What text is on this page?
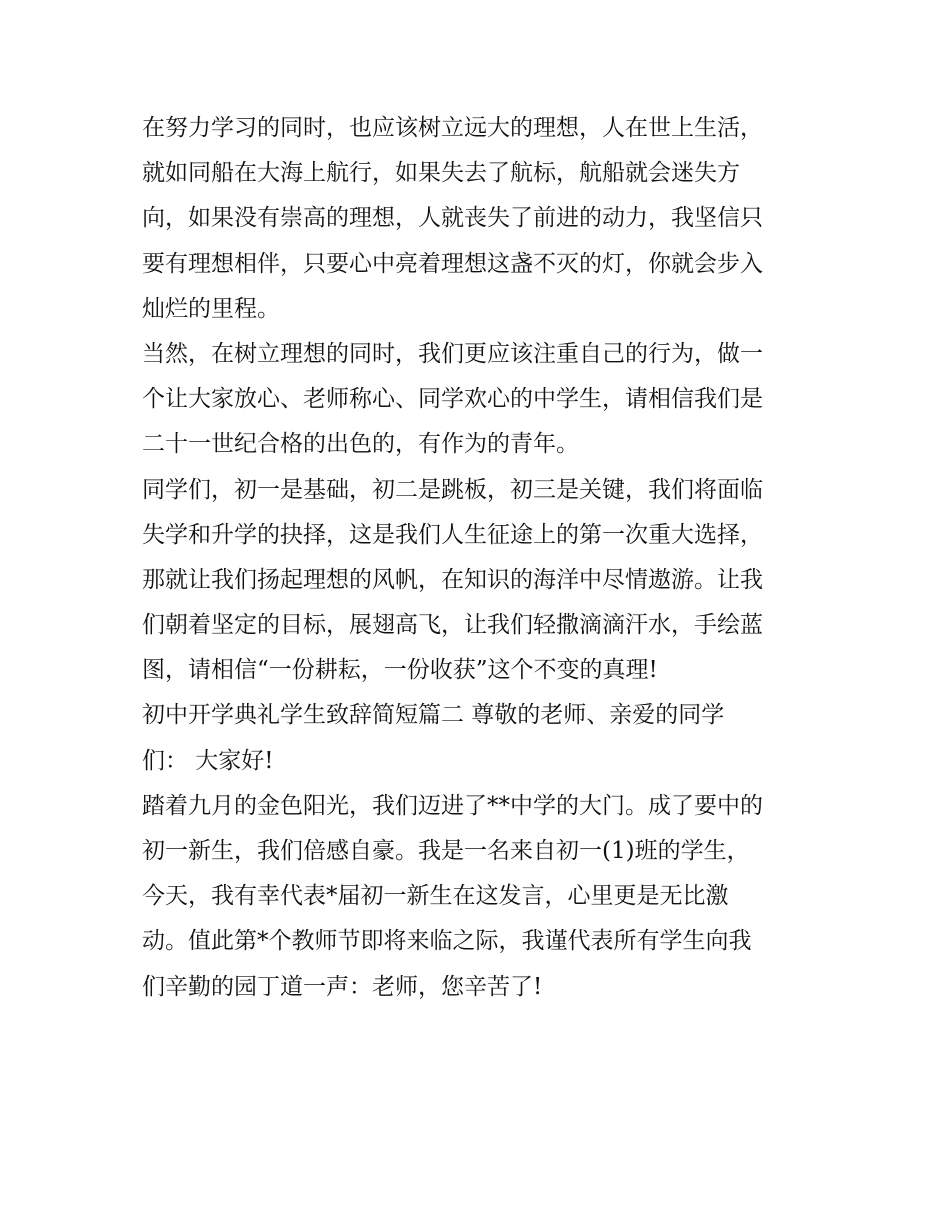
在努力学习的同时，也应该树立远大的理想，人在世上生活，
就如同船在大海上航行，如果失去了航标，航船就会迷失方
向，如果没有崇高的理想，人就丧失了前进的动力，我坚信只
要有理想相伴，只要心中亮着理想这盏不灭的灯，你就会步入
灿烂的里程。
当然，在树立理想的同时，我们更应该注重自己的行为，做一
个让大家放心、老师称心、同学欢心的中学生，请相信我们是
二十一世纪合格的出色的，有作为的青年。
同学们，初一是基础，初二是跳板，初三是关键，我们将面临
失学和升学的抉择，这是我们人生征途上的第一次重大选择，
那就让我们扬起理想的风帆，在知识的海洋中尽情遨游。让我
们朝着坚定的目标，展翅高飞，让我们轻撒滴滴汗水，手绘蓝
图，请相信“一份耕耘，一份收获”这个不变的真理!
初中开学典礼学生致辞简短篇二 尊敬的老师、亲爱的同学
们： 大家好!
踏着九月的金色阳光，我们迈进了**中学的大门。成了要中的
初一新生，我们倍感自豪。我是一名来自初一(1)班的学生，
今天，我有幸代表*届初一新生在这发言，心里更是无比激
动。值此第*个教师节即将来临之际，我谨代表所有学生向我
们辛勤的园丁道一声：老师，您辛苦了!
